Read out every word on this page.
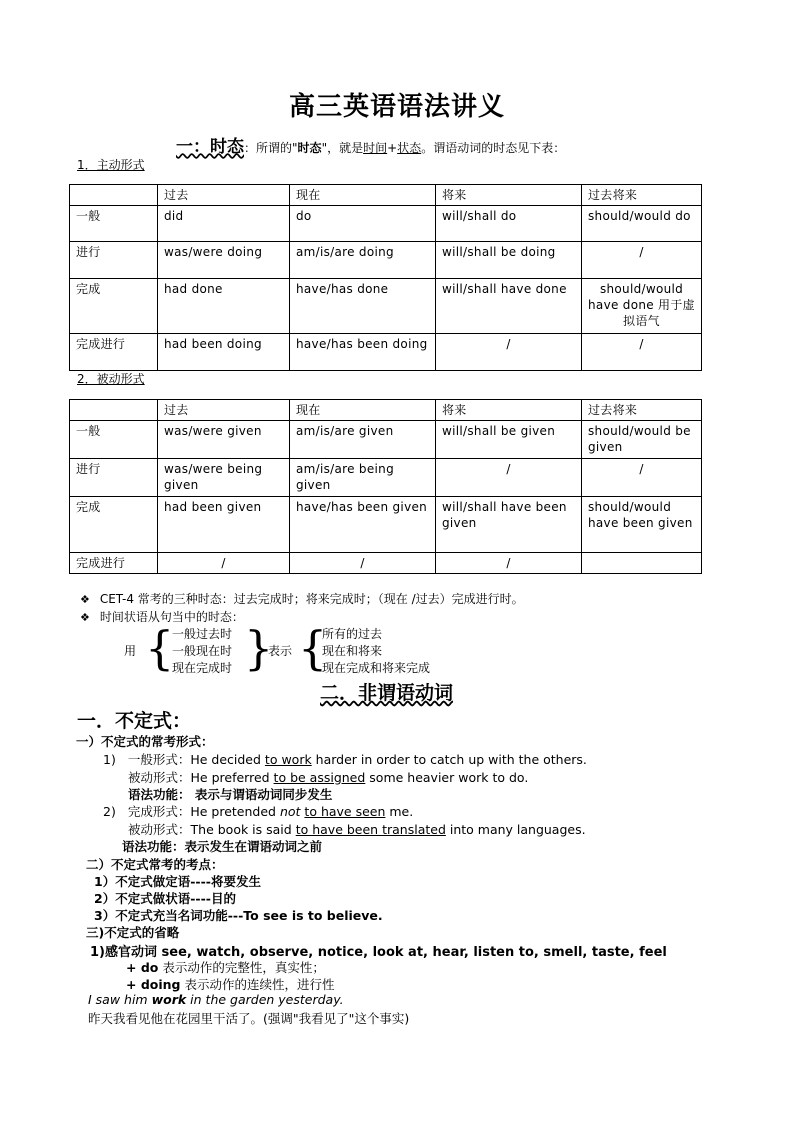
高三英语语法讲义
一：时态：所谓的"时态"，就是时间+状态。谓语动词的时态见下表：
1．主动形式
	过去	现在	将来	过去将来
一般	did	do	will/shall do	should/would do
进行	was/were doing	am/is/are doing	will/shall be doing	/
完成	had done	have/has done	will/shall have done	should/would have done 用于虚拟语气
完成进行	had been doing	have/has been doing	/	/
2．被动形式
	过去	现在	将来	过去将来
一般	was/were given	am/is/are given	will/shall be given	should/would be given
进行	was/were being given	am/is/are being given	/	/
完成	had been given	have/has been given	will/shall have been given	should/would have been given
完成进行	/	/	/	
❖ CET-4 常考的三种时态：过去完成时；将来完成时；（现在 /过去）完成进行时。
❖ 时间状语从句当中的时态：
用 {
一般过去时
一般现在时
现在完成时 }
表示 {
所有的过去
现在和将来
现在完成和将来完成
二．非谓语动词
一．不定式：
一）不定式的常考形式：
1) 一般形式：He decided to work harder in order to catch up with the others.
被动形式：He preferred to be assigned some heavier work to do.
语法功能： 表示与谓语动词同步发生
2) 完成形式：He pretended not to have seen me.
被动形式：The book is said to have been translated into many languages.
语法功能：表示发生在谓语动词之前
二）不定式常考的考点：
1）不定式做定语----将要发生
2）不定式做状语----目的
3）不定式充当名词功能---To see is to believe.
三)不定式的省略
1)感官动词 see, watch, observe, notice, look at, hear, listen to, smell, taste, feel
+ do 表示动作的完整性，真实性；
+ doing 表示动作的连续性，进行性
I saw him work in the garden yesterday.
昨天我看见他在花园里干活了。(强调"我看见了"这个事实)
